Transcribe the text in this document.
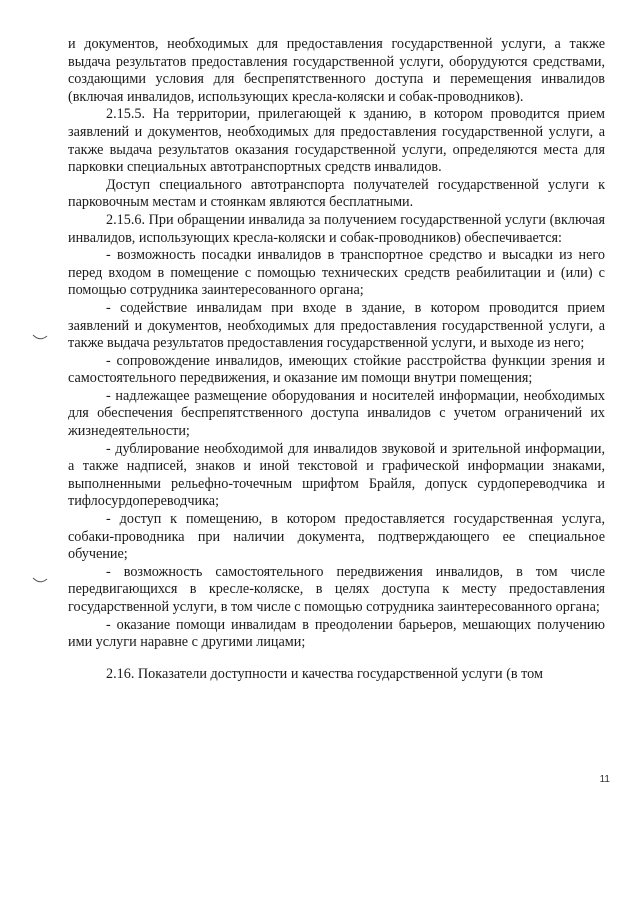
и документов, необходимых для предоставления государственной услуги, а также выдача результатов предоставления государственной услуги, оборудуются средствами, создающими условия для беспрепятственного доступа и перемещения инвалидов (включая инвалидов, использующих кресла-коляски и собак-проводников).

2.15.5. На территории, прилегающей к зданию, в котором проводится прием заявлений и документов, необходимых для предоставления государственной услуги, а также выдача результатов оказания государственной услуги, определяются места для парковки специальных автотранспортных средств инвалидов.

Доступ специального автотранспорта получателей государственной услуги к парковочным местам и стоянкам являются бесплатными.

2.15.6. При обращении инвалида за получением государственной услуги (включая инвалидов, использующих кресла-коляски и собак-проводников) обеспечивается:

- возможность посадки инвалидов в транспортное средство и высадки из него перед входом в помещение с помощью технических средств реабилитации и (или) с помощью сотрудника заинтересованного органа;

- содействие инвалидам при входе в здание, в котором проводится прием заявлений и документов, необходимых для предоставления государственной услуги, а также выдача результатов предоставления государственной услуги, и выходе из него;

- сопровождение инвалидов, имеющих стойкие расстройства функции зрения и самостоятельного передвижения, и оказание им помощи внутри помещения;

- надлежащее размещение оборудования и носителей информации, необходимых для обеспечения беспрепятственного доступа инвалидов с учетом ограничений их жизнедеятельности;

- дублирование необходимой для инвалидов звуковой и зрительной информации, а также надписей, знаков и иной текстовой и графической информации знаками, выполненными рельефно-точечным шрифтом Брайля, допуск сурдопереводчика и тифлосурдопереводчика;

- доступ к помещению, в котором предоставляется государственная услуга, собаки-проводника при наличии документа, подтверждающего ее специальное обучение;

- возможность самостоятельного передвижения инвалидов, в том числе передвигающихся в кресле-коляске, в целях доступа к месту предоставления государственной услуги, в том числе с помощью сотрудника заинтересованного органа;

- оказание помощи инвалидам в преодолении барьеров, мешающих получению ими услуги наравне с другими лицами;

2.16. Показатели доступности и качества государственной услуги (в том

11
